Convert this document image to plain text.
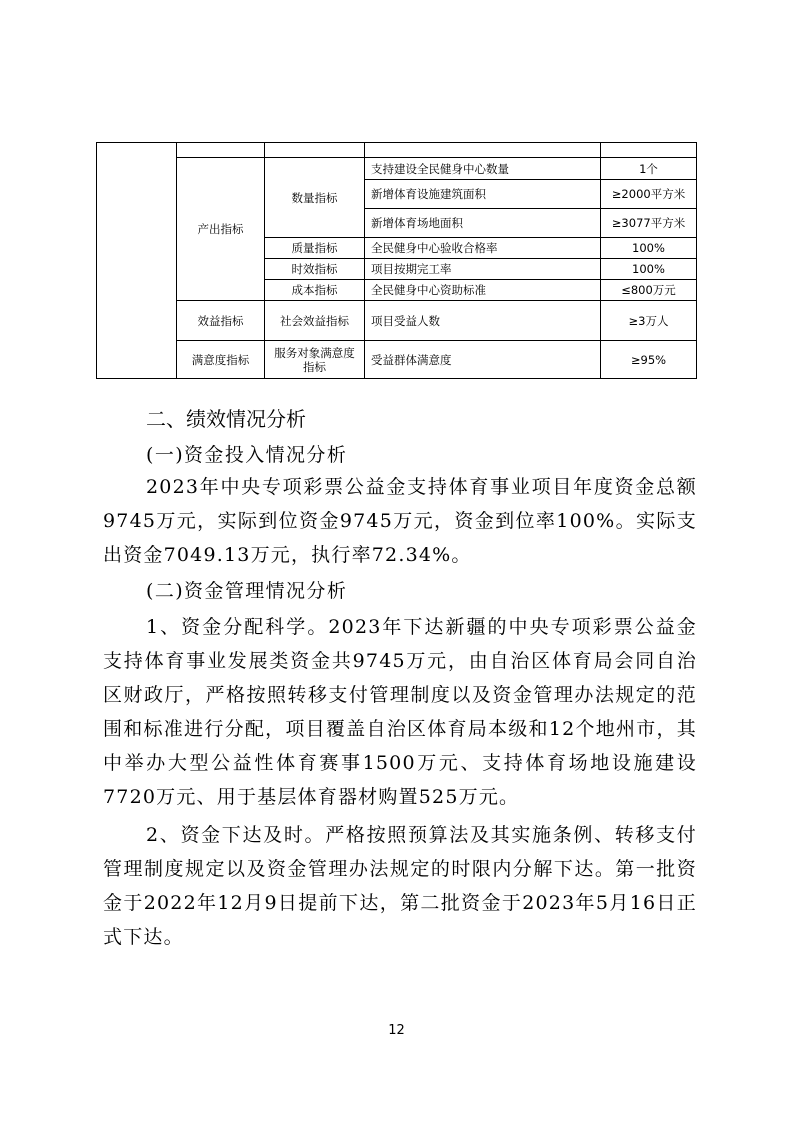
	产出指标	数量指标	支持建设全民健身中心数量	1个
			新增体育设施建筑面积	≥2000平方米
			新增体育场地面积	≥3077平方米
		质量指标	全民健身中心验收合格率	100%
		时效指标	项目按期完工率	100%
		成本指标	全民健身中心资助标准	≤800万元
	效益指标	社会效益指标	项目受益人数	≥3万人
	满意度指标	服务对象满意度指标	受益群体满意度	≥95%
二、绩效情况分析
(一)资金投入情况分析
2023年中央专项彩票公益金支持体育事业项目年度资金总额9745万元，实际到位资金9745万元，资金到位率100%。实际支出资金7049.13万元，执行率72.34%。
(二)资金管理情况分析
1、资金分配科学。2023年下达新疆的中央专项彩票公益金支持体育事业发展类资金共9745万元，由自治区体育局会同自治区财政厅，严格按照转移支付管理制度以及资金管理办法规定的范围和标准进行分配，项目覆盖自治区体育局本级和12个地州市，其中举办大型公益性体育赛事1500万元、支持体育场地设施建设7720万元、用于基层体育器材购置525万元。
2、资金下达及时。严格按照预算法及其实施条例、转移支付管理制度规定以及资金管理办法规定的时限内分解下达。第一批资金于2022年12月9日提前下达，第二批资金于2023年5月16日正式下达。
12
